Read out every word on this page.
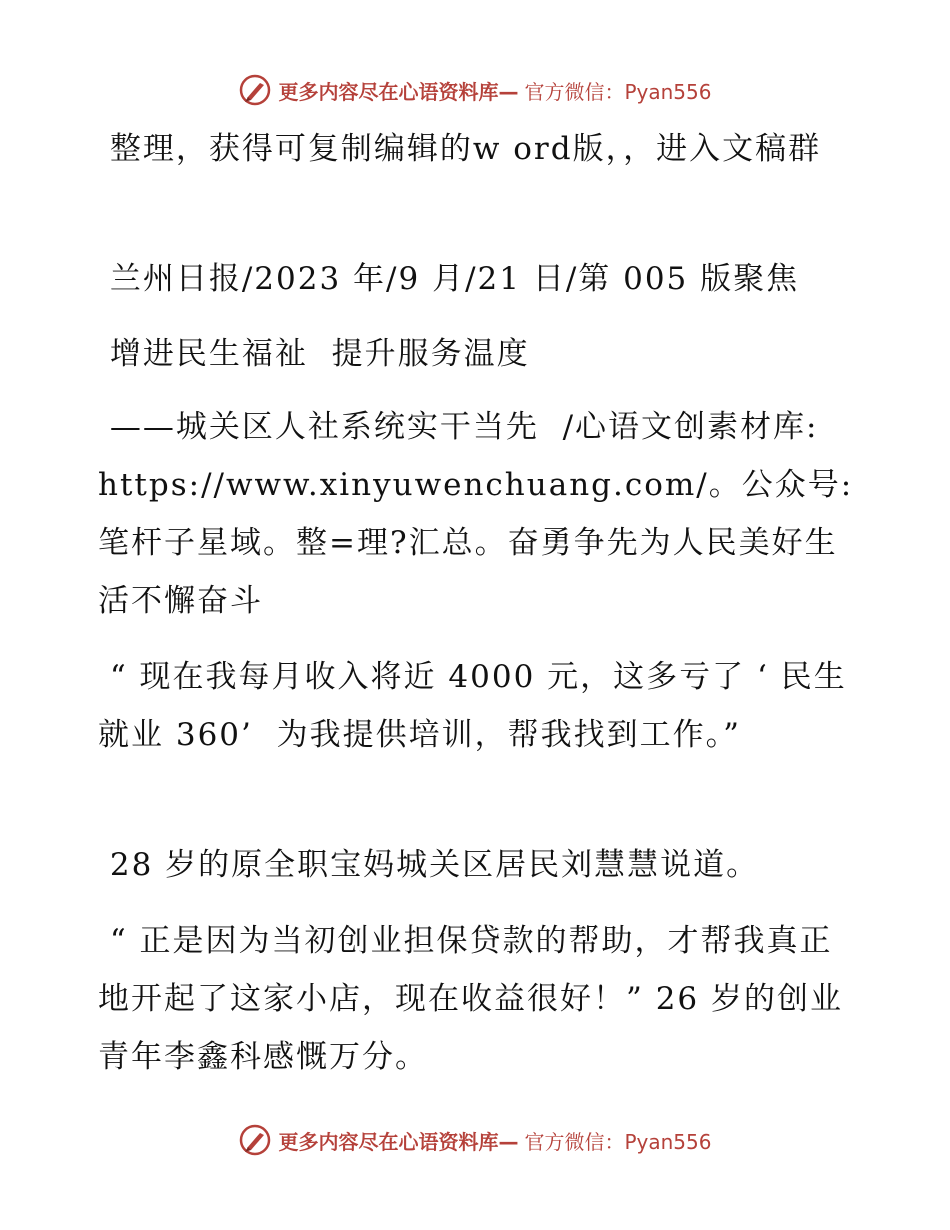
更多内容尽在心语资料库— 官方微信：Pyan556

整理，获得可复制编辑的w ord版，，进入文稿群

兰州日报/2023 年/9 月/21 日/第 005 版聚焦

增进民生福祉  提升服务温度

——城关区人社系统实干当先  /心语文创素材库: https://www.xinyuwenchuang.com/。公众号: 笔杆子星域。整=理?汇总。奋勇争先为人民美好生活不懈奋斗

“ 现在我每月收入将近 4000 元，这多亏了 ‘ 民生就业 360’  为我提供培训，帮我找到工作。”

28 岁的原全职宝妈城关区居民刘慧慧说道。

“ 正是因为当初创业担保贷款的帮助，才帮我真正地开起了这家小店，现在收益很好！” 26 岁的创业青年李鑫科感慨万分。

更多内容尽在心语资料库— 官方微信：Pyan556
